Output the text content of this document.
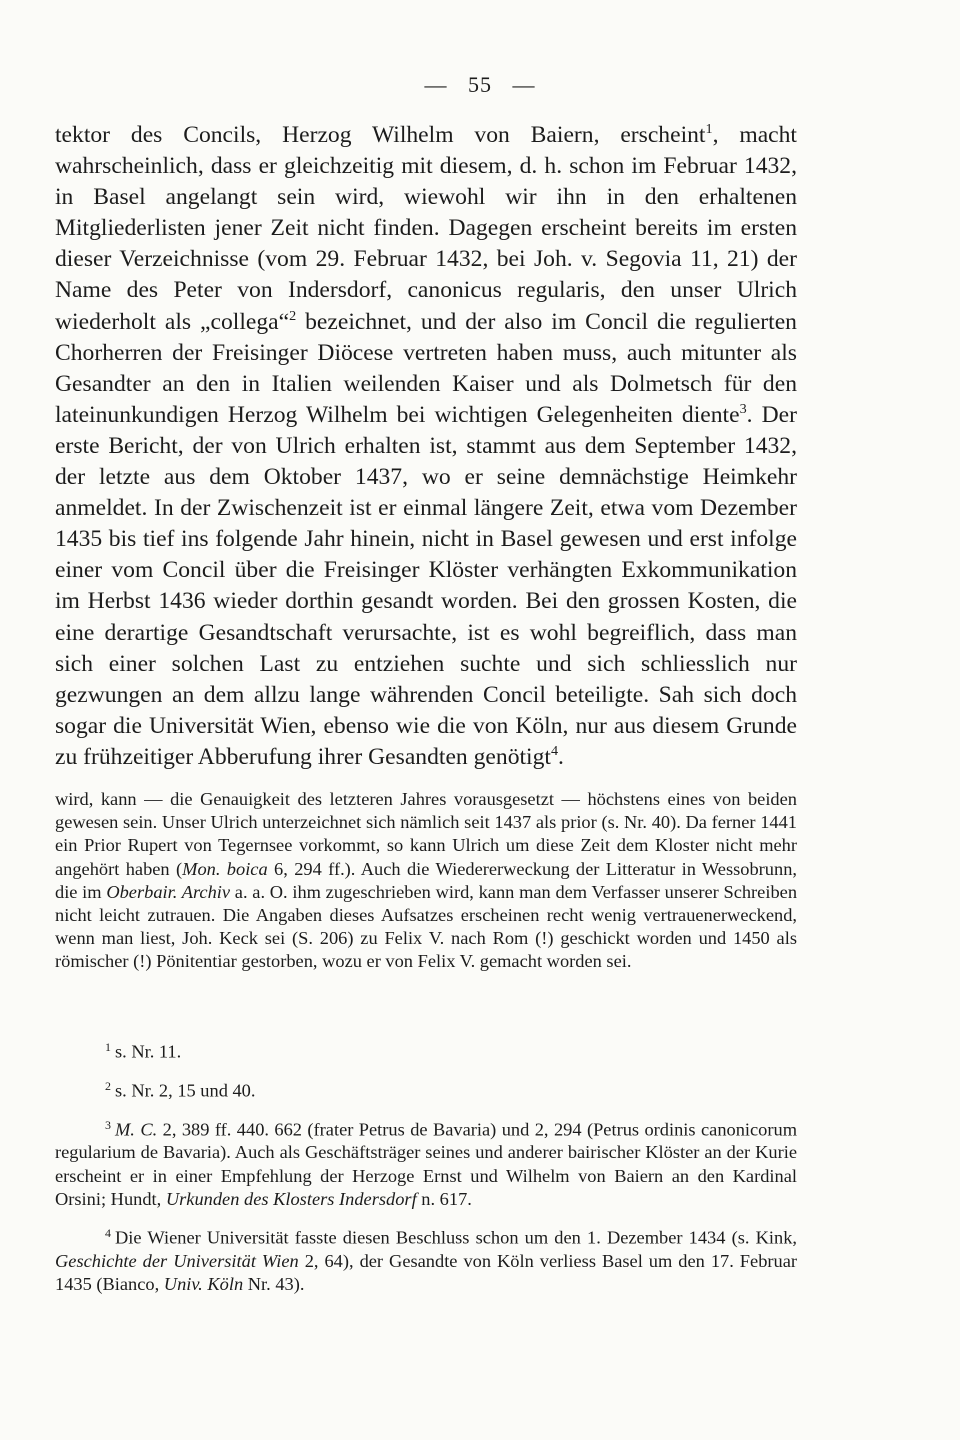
— 55 —

tektor des Concils, Herzog Wilhelm von Baiern, erscheint$^1$, macht wahrscheinlich, dass er gleichzeitig mit diesem, d. h. schon im Februar 1432, in Basel angelangt sein wird, wiewohl wir ihn in den erhaltenen Mitgliederlisten jener Zeit nicht finden. Dagegen erscheint bereits im ersten dieser Verzeichnisse (vom 29. Februar 1432, bei Joh. v. Segovia 11, 21) der Name des Peter von Indersdorf, canonicus regularis, den unser Ulrich wiederholt als „collega“$^2$ bezeichnet, und der also im Concil die regulierten Chorherren der Freisinger Diöcese vertreten haben muss, auch mitunter als Gesandter an den in Italien weilenden Kaiser und als Dolmetsch für den lateinunkundigen Herzog Wilhelm bei wichtigen Gelegenheiten diente$^3$. Der erste Bericht, der von Ulrich erhalten ist, stammt aus dem September 1432, der letzte aus dem Oktober 1437, wo er seine demnächstige Heimkehr anmeldet. In der Zwischenzeit ist er einmal längere Zeit, etwa vom Dezember 1435 bis tief ins folgende Jahr hinein, nicht in Basel gewesen und erst infolge einer vom Concil über die Freisinger Klöster verhängten Exkommunikation im Herbst 1436 wieder dorthin gesandt worden. Bei den grossen Kosten, die eine derartige Gesandtschaft verursachte, ist es wohl begreiflich, dass man sich einer solchen Last zu entziehen suchte und sich schliesslich nur gezwungen an dem allzu lange währenden Concil beteiligte. Sah sich doch sogar die Universität Wien, ebenso wie die von Köln, nur aus diesem Grunde zu frühzeitiger Abberufung ihrer Gesandten genötigt$^4$.

wird, kann — die Genauigkeit des letzteren Jahres vorausgesetzt — höchstens eines von beiden gewesen sein. Unser Ulrich unterzeichnet sich nämlich seit 1437 als prior (s. Nr. 40). Da ferner 1441 ein Prior Rupert von Tegernsee vorkommt, so kann Ulrich um diese Zeit dem Kloster nicht mehr angehört haben (Mon. boica 6, 294 ff.). Auch die Wiedererweckung der Litteratur in Wessobrunn, die im Oberbair. Archiv a. a. O. ihm zugeschrieben wird, kann man dem Verfasser unserer Schreiben nicht leicht zutrauen. Die Angaben dieses Aufsatzes erscheinen recht wenig vertrauenerweckend, wenn man liest, Joh. Keck sei (S. 206) zu Felix V. nach Rom (!) geschickt worden und 1450 als römischer (!) Pönitentiar gestorben, wozu er von Felix V. gemacht worden sei.

$^1$ s. Nr. 11.

$^2$ s. Nr. 2, 15 und 40.

$^3$ M. C. 2, 389 ff. 440. 662 (frater Petrus de Bavaria) und 2, 294 (Petrus ordinis canonicorum regularium de Bavaria). Auch als Geschäftsträger seines und anderer bairischer Klöster an der Kurie erscheint er in einer Empfehlung der Herzoge Ernst und Wilhelm von Baiern an den Kardinal Orsini; Hundt, Urkunden des Klosters Indersdorf n. 617.

$^4$ Die Wiener Universität fasste diesen Beschluss schon um den 1. Dezember 1434 (s. Kink, Geschichte der Universität Wien 2, 64), der Gesandte von Köln verliess Basel um den 17. Februar 1435 (Bianco, Univ. Köln Nr. 43).
